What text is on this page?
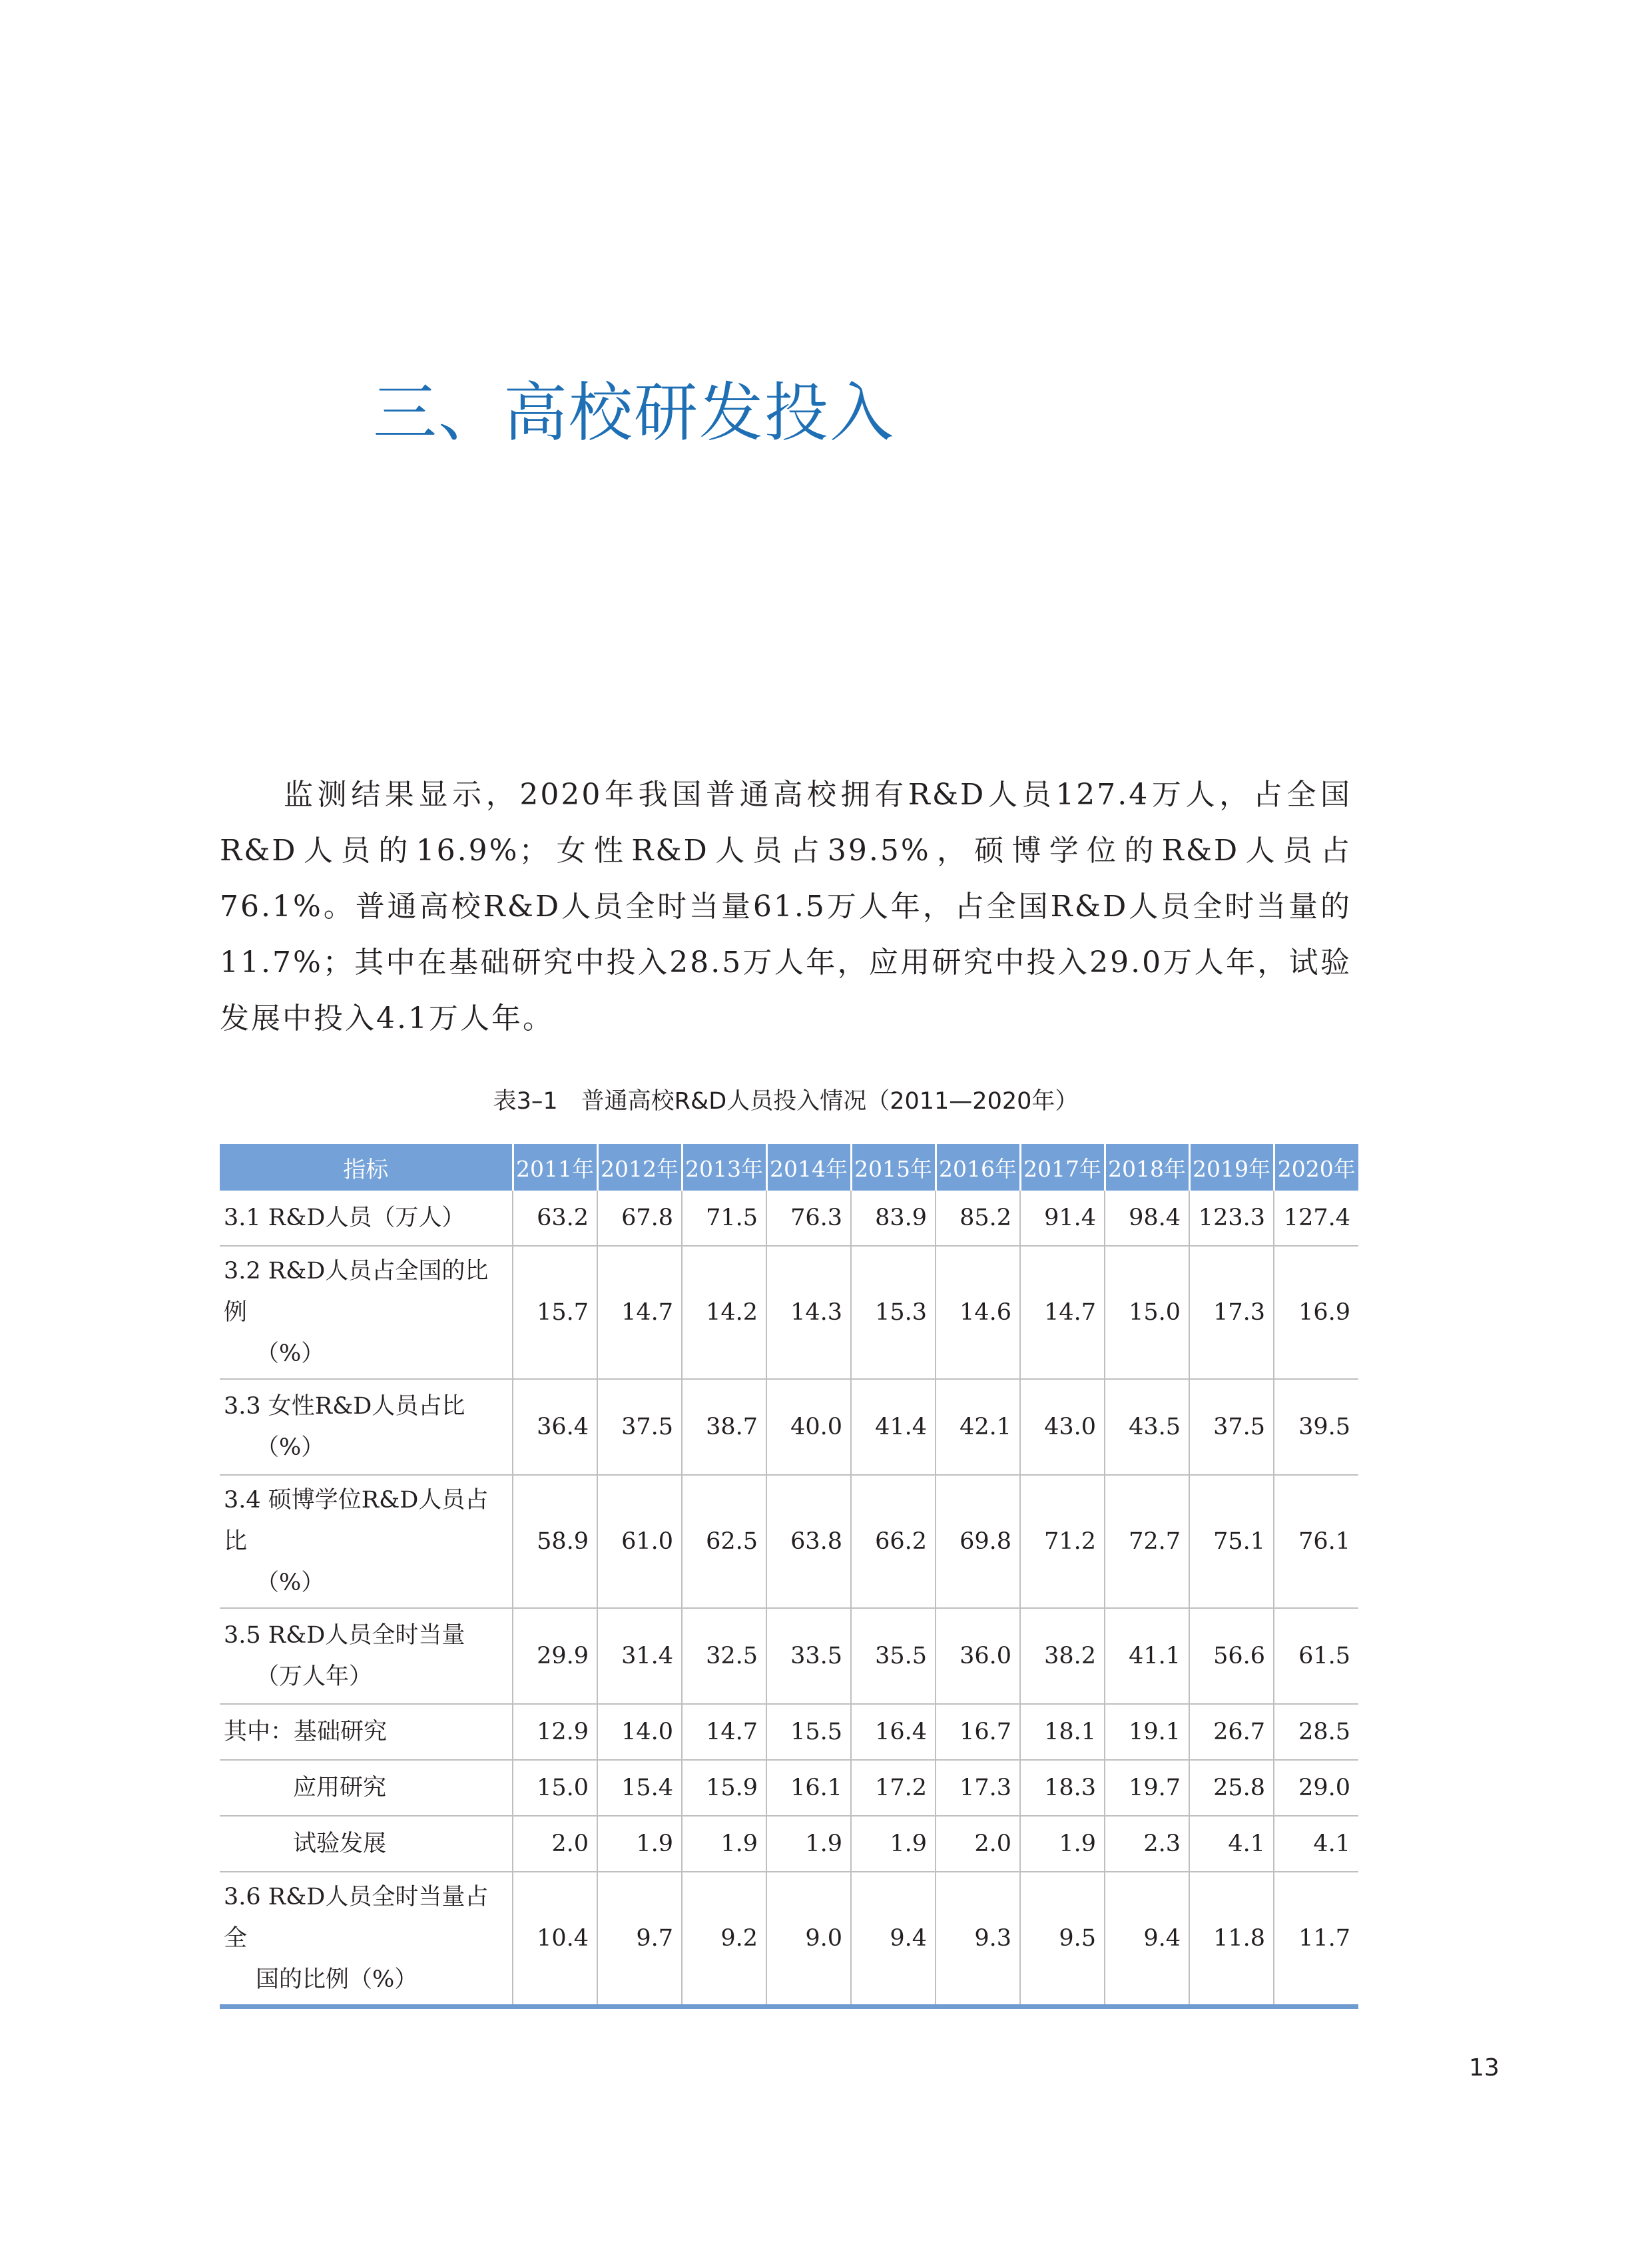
三、高校研发投入

监测结果显示，2020年我国普通高校拥有R&D人员127.4万人，占全国R&D人员的16.9%；女性R&D人员占39.5%，硕博学位的R&D人员占76.1%。普通高校R&D人员全时当量61.5万人年，占全国R&D人员全时当量的11.7%；其中在基础研究中投入28.5万人年，应用研究中投入29.0万人年，试验发展中投入4.1万人年。

表3–1　普通高校R&D人员投入情况（2011—2020年）
指标	2011年	2012年	2013年	2014年	2015年	2016年	2017年	2018年	2019年	2020年
3.1 R&D人员（万人）	63.2	67.8	71.5	76.3	83.9	85.2	91.4	98.4	123.3	127.4
3.2 R&D人员占全国的比例
（%）	15.7	14.7	14.2	14.3	15.3	14.6	14.7	15.0	17.3	16.9
3.3 女性R&D人员占比
（%）	36.4	37.5	38.7	40.0	41.4	42.1	43.0	43.5	37.5	39.5
3.4 硕博学位R&D人员占比
（%）	58.9	61.0	62.5	63.8	66.2	69.8	71.2	72.7	75.1	76.1
3.5 R&D人员全时当量
（万人年）	29.9	31.4	32.5	33.5	35.5	36.0	38.2	41.1	56.6	61.5
其中：基础研究	12.9	14.0	14.7	15.5	16.4	16.7	18.1	19.1	26.7	28.5
应用研究	15.0	15.4	15.9	16.1	17.2	17.3	18.3	19.7	25.8	29.0
试验发展	2.0	1.9	1.9	1.9	1.9	2.0	1.9	2.3	4.1	4.1
3.6 R&D人员全时当量占全
国的比例（%）	10.4	9.7	9.2	9.0	9.4	9.3	9.5	9.4	11.8	11.7
13
